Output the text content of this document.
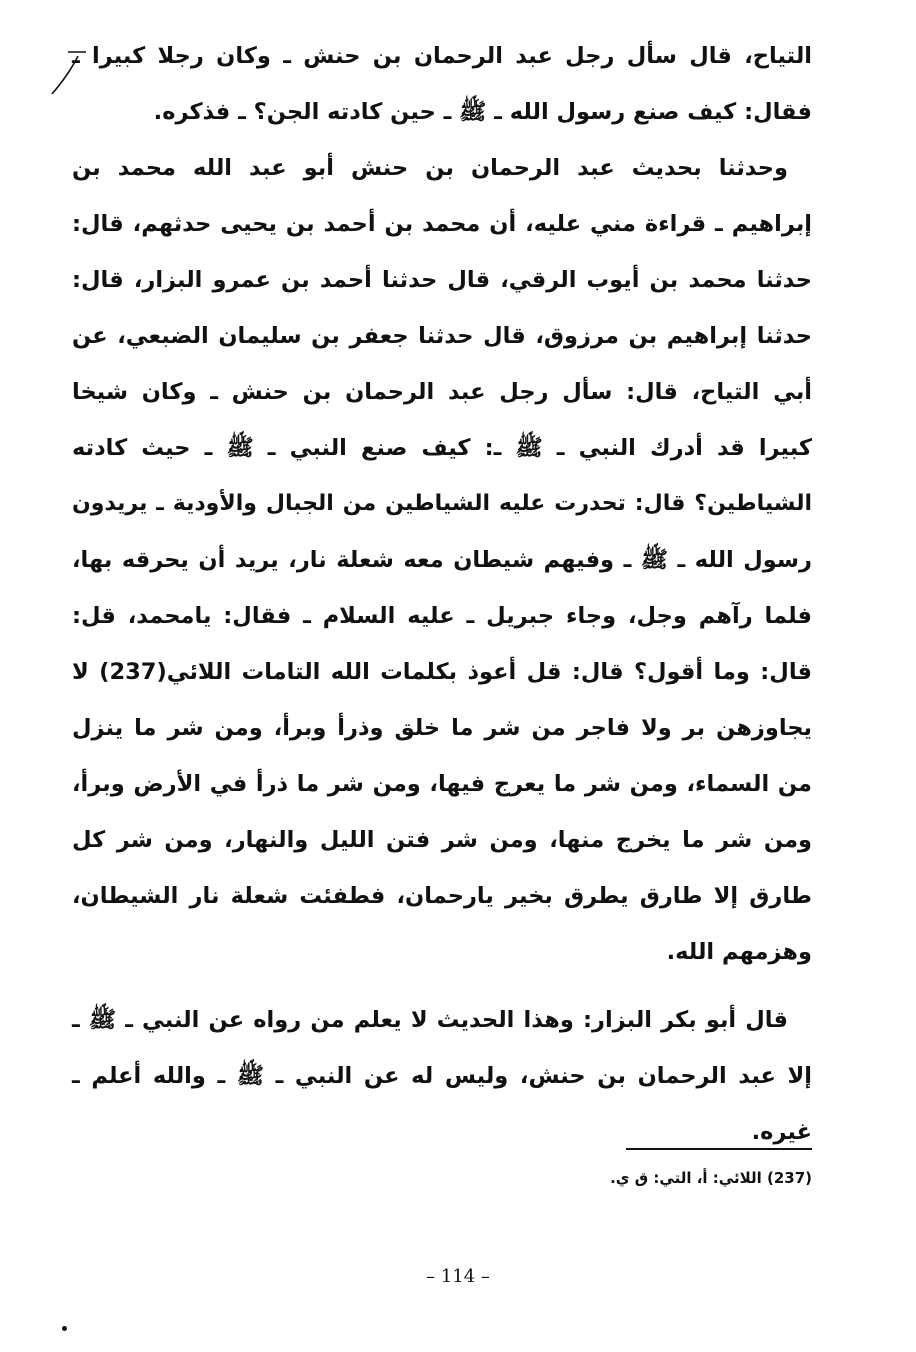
التياح، قال سأل رجل عبد الرحمان بن حنش ـ وكان رجلا كبيرا ـ
فقال: كيف صنع رسول الله ـ ﷺ ـ حين كادته الجن؟ ـ فذكره.
وحدثنا بحديث عبد الرحمان بن حنش أبو عبد الله محمد بن
إبراهيم ـ قراءة مني عليه، أن محمد بن أحمد بن يحيى حدثهم، قال:
حدثنا محمد بن أيوب الرقي، قال حدثنا أحمد بن عمرو البزار، قال:
حدثنا إبراهيم بن مرزوق، قال حدثنا جعفر بن سليمان الضبعي، عن
أبي التياح، قال: سأل رجل عبد الرحمان بن حنش ـ وكان شيخا
كبيرا قد أدرك النبي ـ ﷺ ـ: كيف صنع النبي ـ ﷺ ـ حيث كادته
الشياطين؟ قال: تحدرت عليه الشياطين من الجبال والأودية ـ يريدون
رسول الله ـ ﷺ ـ وفيهم شيطان معه شعلة نار، يريد أن يحرقه بها،
فلما رآهم وجل، وجاء جبريل ـ عليه السلام ـ فقال: يامحمد، قل:
قال: وما أقول؟ قال: قل أعوذ بكلمات الله التامات اللائي(237) لا
يجاوزهن بر ولا فاجر من شر ما خلق وذرأ وبرأ، ومن شر ما ينزل
من السماء، ومن شر ما يعرج فيها، ومن شر ما ذرأ في الأرض وبرأ،
ومن شر ما يخرج منها، ومن شر فتن الليل والنهار، ومن شر كل
طارق إلا طارق يطرق بخير يارحمان، فطفئت شعلة نار الشيطان،
وهزمهم الله.
قال أبو بكر البزار: وهذا الحديث لا يعلم من رواه عن النبي ـ ﷺ ـ
إلا عبد الرحمان بن حنش، وليس له عن النبي ـ ﷺ ـ والله أعلم ـ
غيره.
(237) اللائي: أ، التي: ق ي.
– 114 –
